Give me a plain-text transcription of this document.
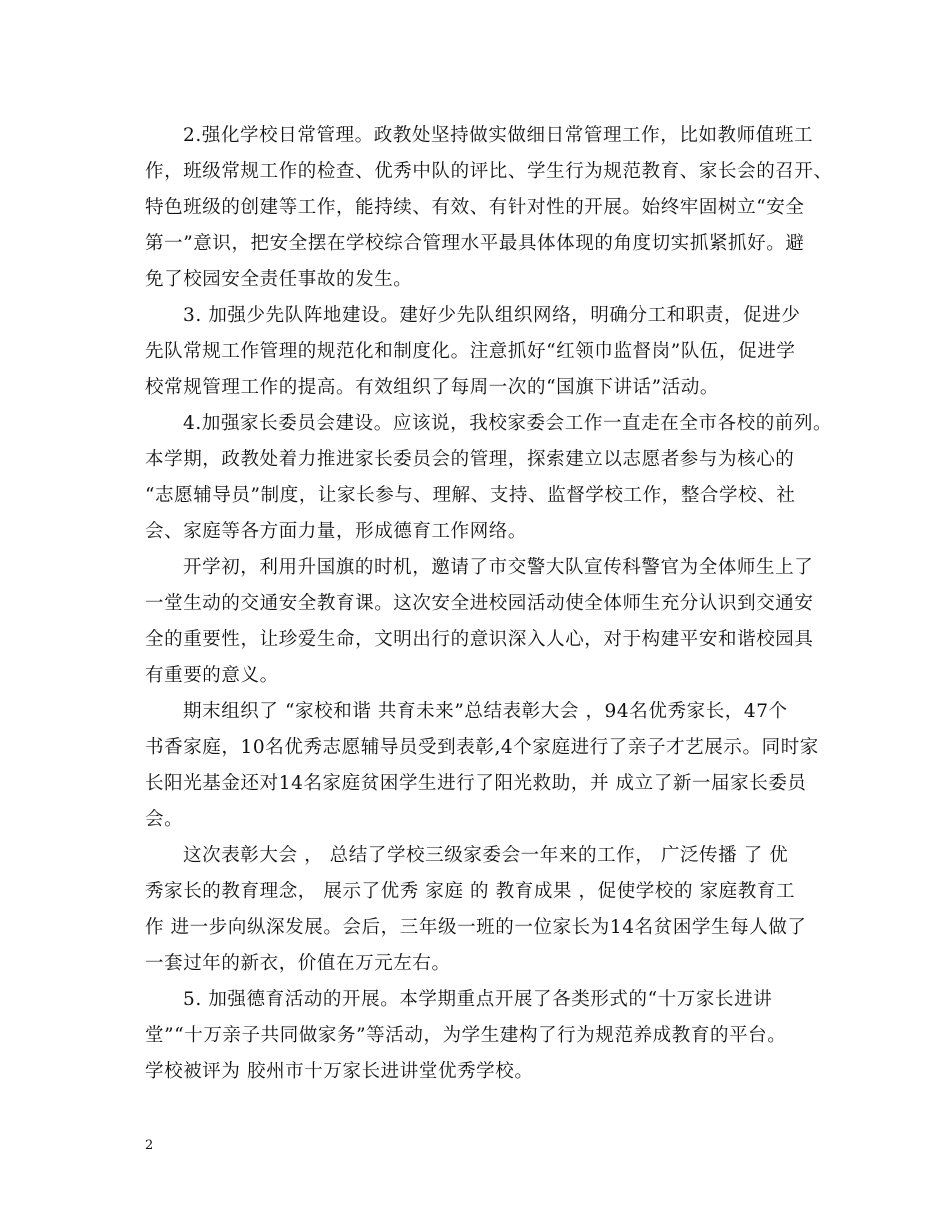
2.强化学校日常管理。政教处坚持做实做细日常管理工作，比如教师值班工
作，班级常规工作的检查、优秀中队的评比、学生行为规范教育、家长会的召开、
特色班级的创建等工作，能持续、有效、有针对性的开展。始终牢固树立“安全
第一”意识，把安全摆在学校综合管理水平最具体体现的角度切实抓紧抓好。避
免了校园安全责任事故的发生。
3. 加强少先队阵地建设。建好少先队组织网络，明确分工和职责，促进少
先队常规工作管理的规范化和制度化。注意抓好“红领巾监督岗”队伍，促进学
校常规管理工作的提高。有效组织了每周一次的“国旗下讲话”活动。
4.加强家长委员会建设。应该说，我校家委会工作一直走在全市各校的前列。
本学期，政教处着力推进家长委员会的管理，探索建立以志愿者参与为核心的
“志愿辅导员”制度，让家长参与、理解、支持、监督学校工作，整合学校、社
会、家庭等各方面力量，形成德育工作网络。
开学初，利用升国旗的时机，邀请了市交警大队宣传科警官为全体师生上了
一堂生动的交通安全教育课。这次安全进校园活动使全体师生充分认识到交通安
全的重要性，让珍爱生命，文明出行的意识深入人心，对于构建平安和谐校园具
有重要的意义。
期末组织了 “家校和谐 共育未来”总结表彰大会 ，94名优秀家长，47个
书香家庭，10名优秀志愿辅导员受到表彰,4个家庭进行了亲子才艺展示。同时家
长阳光基金还对14名家庭贫困学生进行了阳光救助，并 成立了新一届家长委员
会。
这次表彰大会 ， 总结了学校三级家委会一年来的工作， 广泛传播 了 优
秀家长的教育理念， 展示了优秀 家庭 的 教育成果 ，促使学校的 家庭教育工
作 进一步向纵深发展。会后，三年级一班的一位家长为14名贫困学生每人做了
一套过年的新衣，价值在万元左右。
5. 加强德育活动的开展。本学期重点开展了各类形式的“十万家长进讲
堂”“十万亲子共同做家务”等活动，为学生建构了行为规范养成教育的平台。
学校被评为 胶州市十万家长进讲堂优秀学校。
2
